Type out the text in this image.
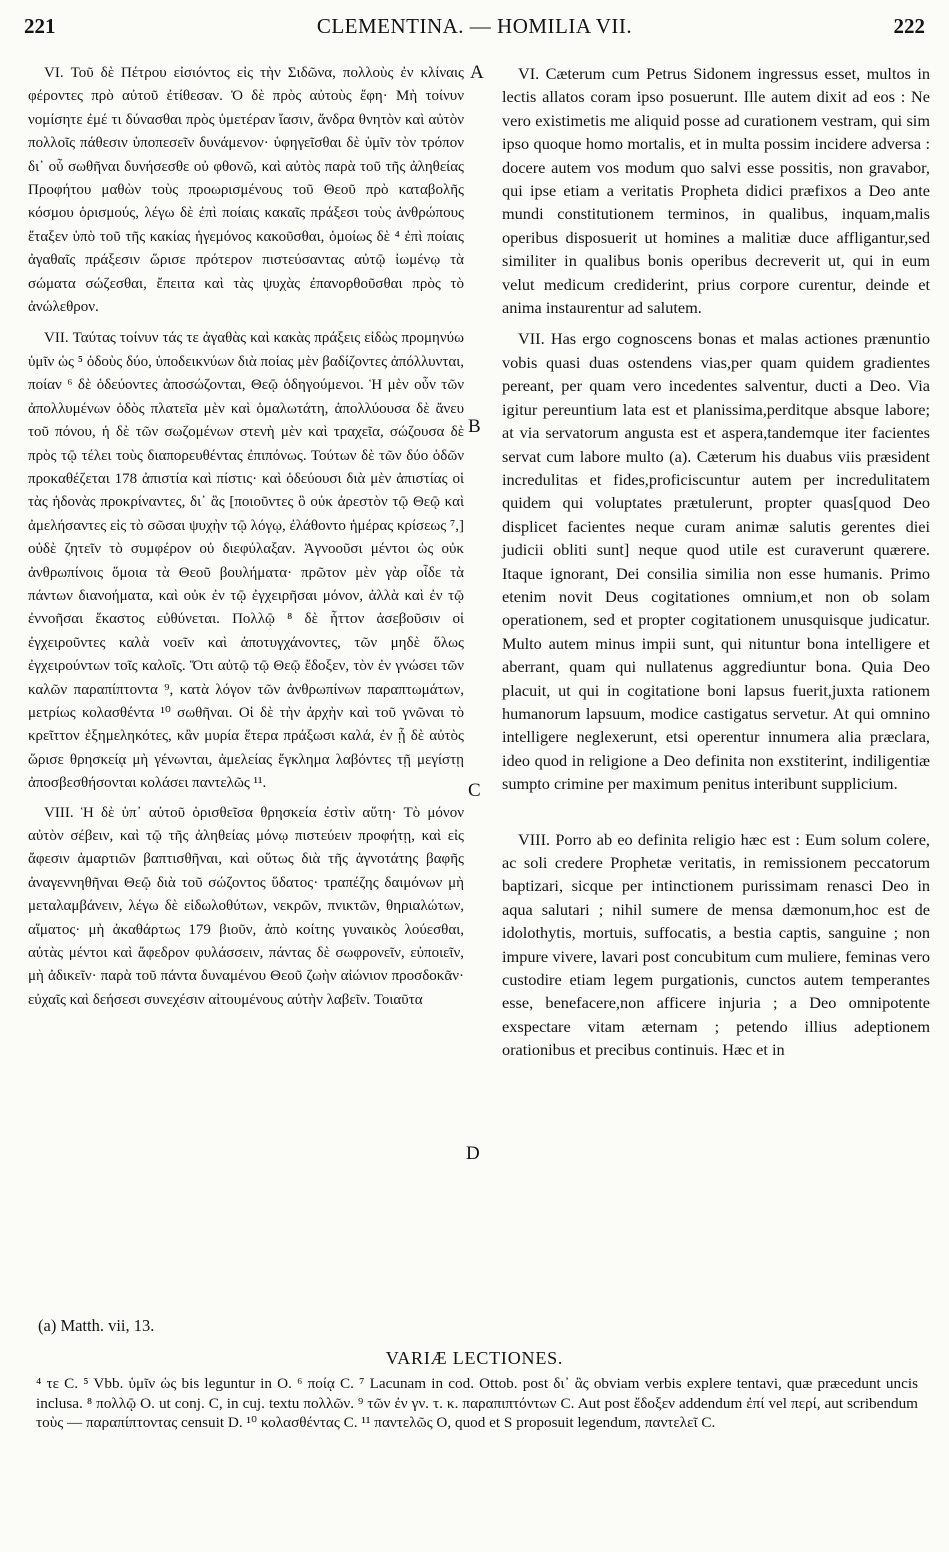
221	CLEMENTINA. — HOMILIA VII.	222

VI. Τοῦ δὲ Πέτρου εἰσιόντος εἰς τὴν Σιδῶνα, πολλοὺς ἐν κλίναις φέροντες πρὸ αὐτοῦ ἐτίθεσαν. Ὁ δὲ πρὸς αὐτοὺς ἔφη· Μὴ τοίνυν νομίσητε ἐμέ τι δύνασθαι πρὸς ὑμετέραν ἴασιν, ἄνδρα θνητὸν καὶ αὐτὸν πολλοῖς πάθεσιν ὑποπεσεῖν δυνάμενον· ὑφηγεῖσθαι δὲ ὑμῖν τὸν τρόπον δι᾽ οὗ σωθῆναι δυνήσεσθε οὐ φθονῶ, καὶ αὐτὸς παρὰ τοῦ τῆς ἀληθείας Προφήτου μαθὼν τοὺς προωρισμένους τοῦ Θεοῦ πρὸ καταβολῆς κόσμου ὁρισμούς, λέγω δὲ ἐπὶ ποίαις κακαῖς πράξεσι τοὺς ἀνθρώπους ἔταξεν ὑπὸ τοῦ τῆς κακίας ἡγεμόνος κακοῦσθαι, ὁμοίως δὲ ⁴ ἐπὶ ποίαις ἀγαθαῖς πράξεσιν ὥρισε πρότερον πιστεύσαντας αὐτῷ ἰωμένῳ τὰ σώματα σώζεσθαι, ἔπειτα καὶ τὰς ψυχὰς ἐπανορθοῦσθαι πρὸς τὸ ἀνώλεθρον.

VII. Ταύτας τοίνυν τάς τε ἀγαθὰς καὶ κακὰς πράξεις εἰδὼς προμηνύω ὑμῖν ὡς ⁵ ὁδοὺς δύο, ὑποδεικνύων διὰ ποίας μὲν βαδίζοντες ἀπόλλυνται, ποίαν ⁶ δὲ ὁδεύοντες ἀποσώζονται, Θεῷ ὁδηγούμενοι. Ἡ μὲν οὖν τῶν ἀπολλυμένων ὁδὸς πλατεῖα μὲν καὶ ὁμαλωτάτη, ἀπολλύουσα δὲ ἄνευ τοῦ πόνου, ἡ δὲ τῶν σωζομένων στενὴ μὲν καὶ τραχεῖα, σώζουσα δὲ πρὸς τῷ τέλει τοὺς διαπορευθέντας ἐπιπόνως. Τούτων δὲ τῶν δύο ὁδῶν προκαθέζεται 178 ἀπιστία καὶ πίστις· καὶ ὁδεύουσι διὰ μὲν ἀπιστίας οἱ τὰς ἡδονὰς προκρίναντες, δι᾽ ἃς [ποιοῦντες ὃ οὐκ ἀρεστὸν τῷ Θεῷ καὶ ἀμελήσαντες εἰς τὸ σῶσαι ψυχὴν τῷ λόγῳ, ἐλάθοντο ἡμέρας κρίσεως ⁷,] οὐδὲ ζητεῖν τὸ συμφέρον οὐ διεφύλαξαν. Ἀγνοοῦσι μέντοι ὡς οὐκ ἀνθρωπίνοις ὅμοια τὰ Θεοῦ βουλήματα· πρῶτον μὲν γὰρ οἶδε τὰ πάντων διανοήματα, καὶ οὐκ ἐν τῷ ἐγχειρῆσαι μόνον, ἀλλὰ καὶ ἐν τῷ ἐννοῆσαι ἕκαστος εὐθύνεται. Πολλῷ ⁸ δὲ ἧττον ἀσεβοῦσιν οἱ ἐγχειροῦντες καλὰ νοεῖν καὶ ἀποτυγχάνοντες, τῶν μηδὲ ὅλως ἐγχειρούντων τοῖς καλοῖς. Ὅτι αὐτῷ τῷ Θεῷ ἔδοξεν, τὸν ἐν γνώσει τῶν καλῶν παραπίπτοντα ⁹, κατὰ λόγον τῶν ἀνθρωπίνων παραπτωμάτων, μετρίως κολασθέντα ¹⁰ σωθῆναι. Οἱ δὲ τὴν ἀρχὴν καὶ τοῦ γνῶναι τὸ κρεῖττον ἐξημεληκότες, κἂν μυρία ἕτερα πράξωσι καλά, ἐν ᾗ δὲ αὐτὸς ὥρισε θρησκείᾳ μὴ γένωνται, ἀμελείας ἔγκλημα λαβόντες τῇ μεγίστῃ ἀποσβεσθήσονται κολάσει παντελῶς ¹¹.

VIII. Ἡ δὲ ὑπ᾽ αὐτοῦ ὁρισθεῖσα θρησκεία ἐστὶν αὕτη· Τὸ μόνον αὐτὸν σέβειν, καὶ τῷ τῆς ἀληθείας μόνῳ πιστεύειν προφήτῃ, καὶ εἰς ἄφεσιν ἁμαρτιῶν βαπτισθῆναι, καὶ οὕτως διὰ τῆς ἁγνοτάτης βαφῆς ἀναγεννηθῆναι Θεῷ διὰ τοῦ σώζοντος ὕδατος· τραπέζης δαιμόνων μὴ μεταλαμβάνειν, λέγω δὲ εἰδωλοθύτων, νεκρῶν, πνικτῶν, θηριαλώτων, αἵματος· μὴ ἀκαθάρτως 179 βιοῦν, ἀπὸ κοίτης γυναικὸς λούεσθαι, αὐτὰς μέντοι καὶ ἄφεδρον φυλάσσειν, πάντας δὲ σωφρονεῖν, εὐποιεῖν, μὴ ἀδικεῖν· παρὰ τοῦ πάντα δυναμένου Θεοῦ ζωὴν αἰώνιον προσδοκᾶν· εὐχαῖς καὶ δεήσεσι συνεχέσιν αἰτουμένους αὐτὴν λαβεῖν. Τοιαῦτα

A
B
C
D

VI. Cæterum cum Petrus Sidonem ingressus esset, multos in lectis allatos coram ipso posuerunt. Ille autem dixit ad eos : Ne vero existimetis me aliquid posse ad curationem vestram, qui sim ipso quoque homo mortalis, et in multa possim incidere adversa : docere autem vos modum quo salvi esse possitis, non gravabor, qui ipse etiam a veritatis Propheta didici præfixos a Deo ante mundi constitutionem terminos, in qualibus, inquam,malis operibus disposuerit ut homines a malitiæ duce affligantur,sed similiter in qualibus bonis operibus decreverit ut, qui in eum velut medicum crediderint, prius corpore curentur, deinde et anima instaurentur ad salutem.

VII. Has ergo cognoscens bonas et malas actiones prænuntio vobis quasi duas ostendens vias,per quam quidem gradientes pereant, per quam vero incedentes salventur, ducti a Deo. Via igitur pereuntium lata est et planissima,perditque absque labore; at via servatorum angusta est et aspera,tandemque iter facientes servat cum labore multo (a). Cæterum his duabus viis præsident incredulitas et fides,proficiscuntur autem per incredulitatem quidem qui voluptates prætulerunt, propter quas[quod Deo displicet facientes neque curam animæ salutis gerentes diei judicii obliti sunt] neque quod utile est curaverunt quærere. Itaque ignorant, Dei consilia similia non esse humanis. Primo etenim novit Deus cogitationes omnium,et non ob solam operationem, sed et propter cogitationem unusquisque judicatur. Multo autem minus impii sunt, qui nituntur bona intelligere et aberrant, quam qui nullatenus aggrediuntur bona. Quia Deo placuit, ut qui in cogitatione boni lapsus fuerit,juxta rationem humanorum lapsuum, modice castigatus servetur. At qui omnino intelligere neglexerunt, etsi operentur innumera alia præclara, ideo quod in religione a Deo definita non exstiterint, indiligentiæ sumpto crimine per maximum penitus interibunt supplicium.

VIII. Porro ab eo definita religio hæc est : Eum solum colere, ac soli credere Prophetæ veritatis, in remissionem peccatorum baptizari, sicque per intinctionem purissimam renasci Deo in aqua salutari ; nihil sumere de mensa dæmonum,hoc est de idolothytis, mortuis, suffocatis, a bestia captis, sanguine ; non impure vivere, lavari post concubitum cum muliere, feminas vero custodire etiam legem purgationis, cunctos autem temperantes esse, benefacere,non afficere injuria ; a Deo omnipotente exspectare vitam æternam ; petendo illius adeptionem orationibus et precibus continuis. Hæc et in

(a) Matth. vii, 13.
VARIÆ LECTIONES.
⁴ τε C. ⁵ Vbb. ὑμῖν ὡς bis leguntur in O. ⁶ ποίᾳ C. ⁷ Lacunam in cod. Ottob. post δι᾽ ἃς obviam verbis explere tentavi, quæ præcedunt uncis inclusa. ⁸ πολλῷ O. ut conj. C, in cuj. textu πολλῶν. ⁹ τῶν ἐν γν. τ. κ. παραπιπτόντων C. Aut post ἔδοξεν addendum ἐπί vel περί, aut scribendum τοὺς — παραπίπτοντας censuit D. ¹⁰ κολασθέντας C. ¹¹ παντελῶς O, quod et S proposuit legendum, παντελεῖ C.
